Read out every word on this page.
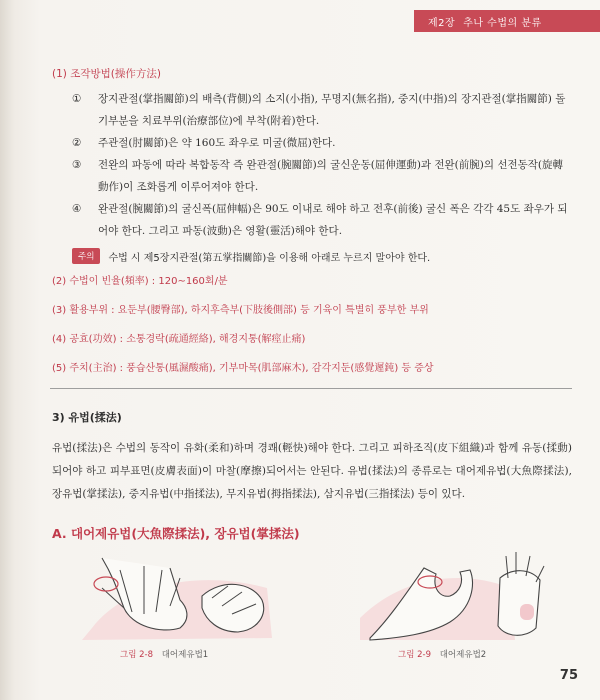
제2장 추나 수법의 분류
(1) 조작방법(操作方法)
①	장지관절(掌指關節)의 배측(背側)의 소지(小指), 무명지(無名指), 중지(中指)의 장지관절(掌指關節) 돌기부분을 치료부위(治療部位)에 부착(附着)한다.
②	주관절(肘關節)은 약 160도 좌우로 미굴(微屈)한다.
③	전완의 파동에 따라 복합동작 즉 완관절(腕關節)의 굴신운동(屈伸運動)과 전완(前腕)의 선전동작(旋轉動作)이 조화롭게 이루어져야 한다.
④	완관절(腕關節)의 굴신폭(屈伸幅)은 90도 이내로 해야 하고 전후(前後) 굴신 폭은 각각 45도 좌우가 되어야 한다. 그리고 파동(波動)은 영활(靈活)해야 한다.
주의	수법 시 제5장지관절(第五掌指關節)을 이용해 아래로 누르지 말아야 한다.
(2) 수법이 빈율(頻率) : 120∼160회/분
(3) 활용부위 : 요둔부(腰臀部), 하지후측부(下肢後側部) 등 기육이 특별히 풍부한 부위
(4) 공효(功效) : 소통경락(疏通經絡), 해경지통(解痙止痛)
(5) 주치(主治) : 풍습산통(風濕酸痛), 기부마목(肌部麻木), 감각지둔(感覺遲鈍) 등 증상
3) 유법(揉法)

유법(揉法)은 수법의 동작이 유화(柔和)하며 경쾌(輕快)해야 한다. 그리고 피하조직(皮下組織)과 함께 유동(揉動)되어야 하고 피부표면(皮膚表面)이 마찰(摩擦)되어서는 안된다. 유법(揉法)의 종류로는 대어제유법(大魚際揉法), 장유법(掌揉法), 중지유법(中指揉法), 무지유법(拇指揉法), 삼지유법(三指揉法) 등이 있다.

A. 대어제유법(大魚際揉法), 장유법(掌揉法)
그림 2-8 대어제유법1	그림 2-9 대어제유법2
75
